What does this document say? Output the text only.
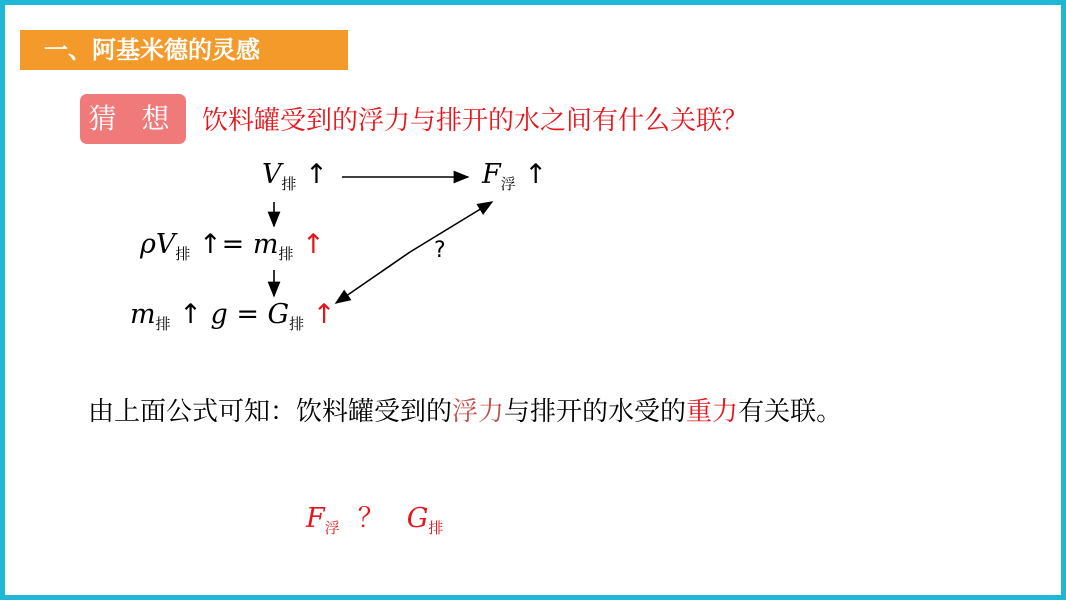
一、阿基米德的灵感
猜 想 饮料罐受到的浮力与排开的水之间有什么关联？
$V_排$ ↑	$F_浮$ ↑
$\rho V_排$ ↑= $m_排$ ↑	?
$m_排$ ↑ $g = G_排$ ↑
由上面公式可知：饮料罐受到的浮力与排开的水受的重力有关联。
$F_浮$ ？ $G_排$
